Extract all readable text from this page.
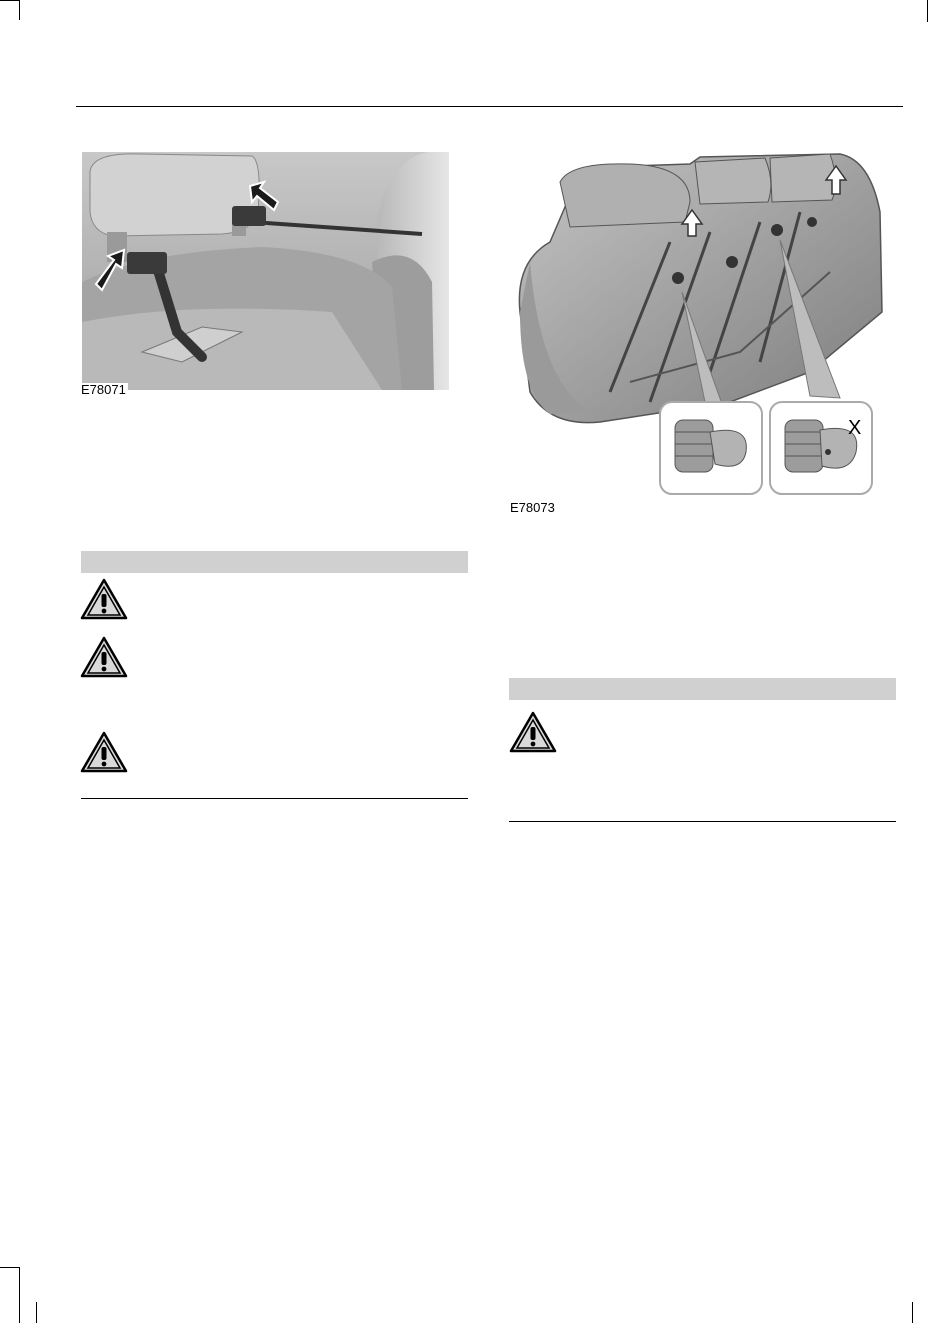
E78071
X
E78073
